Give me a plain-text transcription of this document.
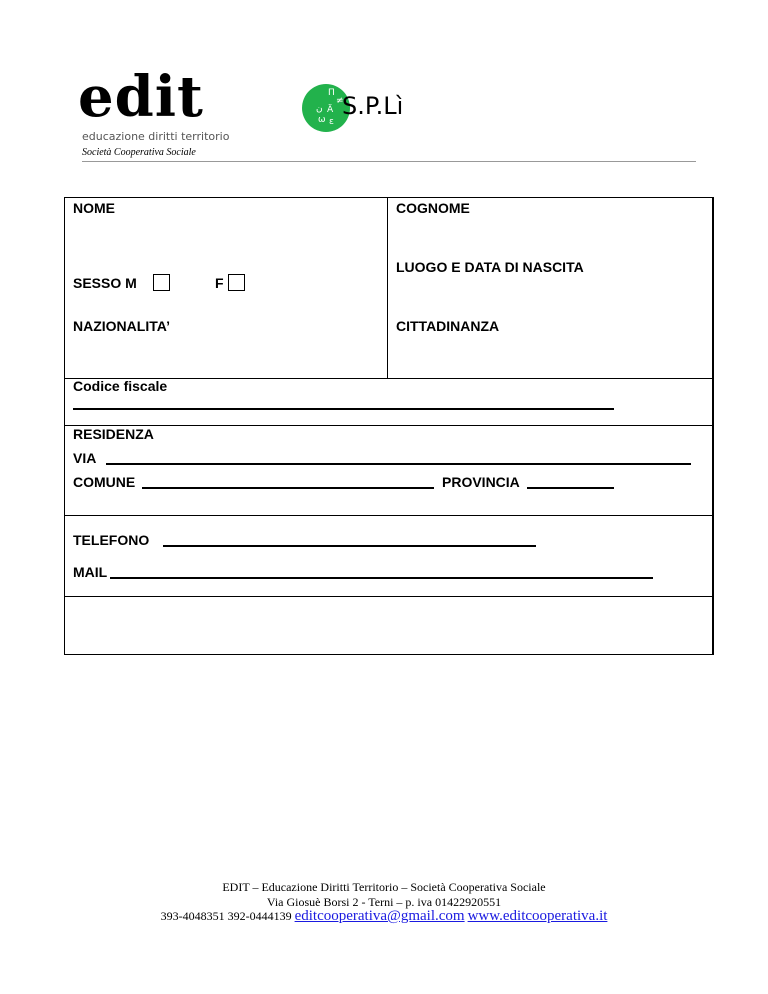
edit
educazione diritti territorio
Società Cooperativa Sociale
Π
≠
ن Ä
ω ε
S.P.Lì
NOME	COGNOME
LUOGO E DATA DI NASCITA
SESSO M	F
NAZIONALITA’	CITTADINANZA
Codice fiscale
RESIDENZA
VIA
COMUNE	PROVINCIA
TELEFONO
MAIL
EDIT – Educazione Diritti Territorio – Società Cooperativa Sociale
Via Giosuè Borsi 2 - Terni – p. iva 01422920551
393-4048351 392-0444139 editcooperativa@gmail.com www.editcooperativa.it
